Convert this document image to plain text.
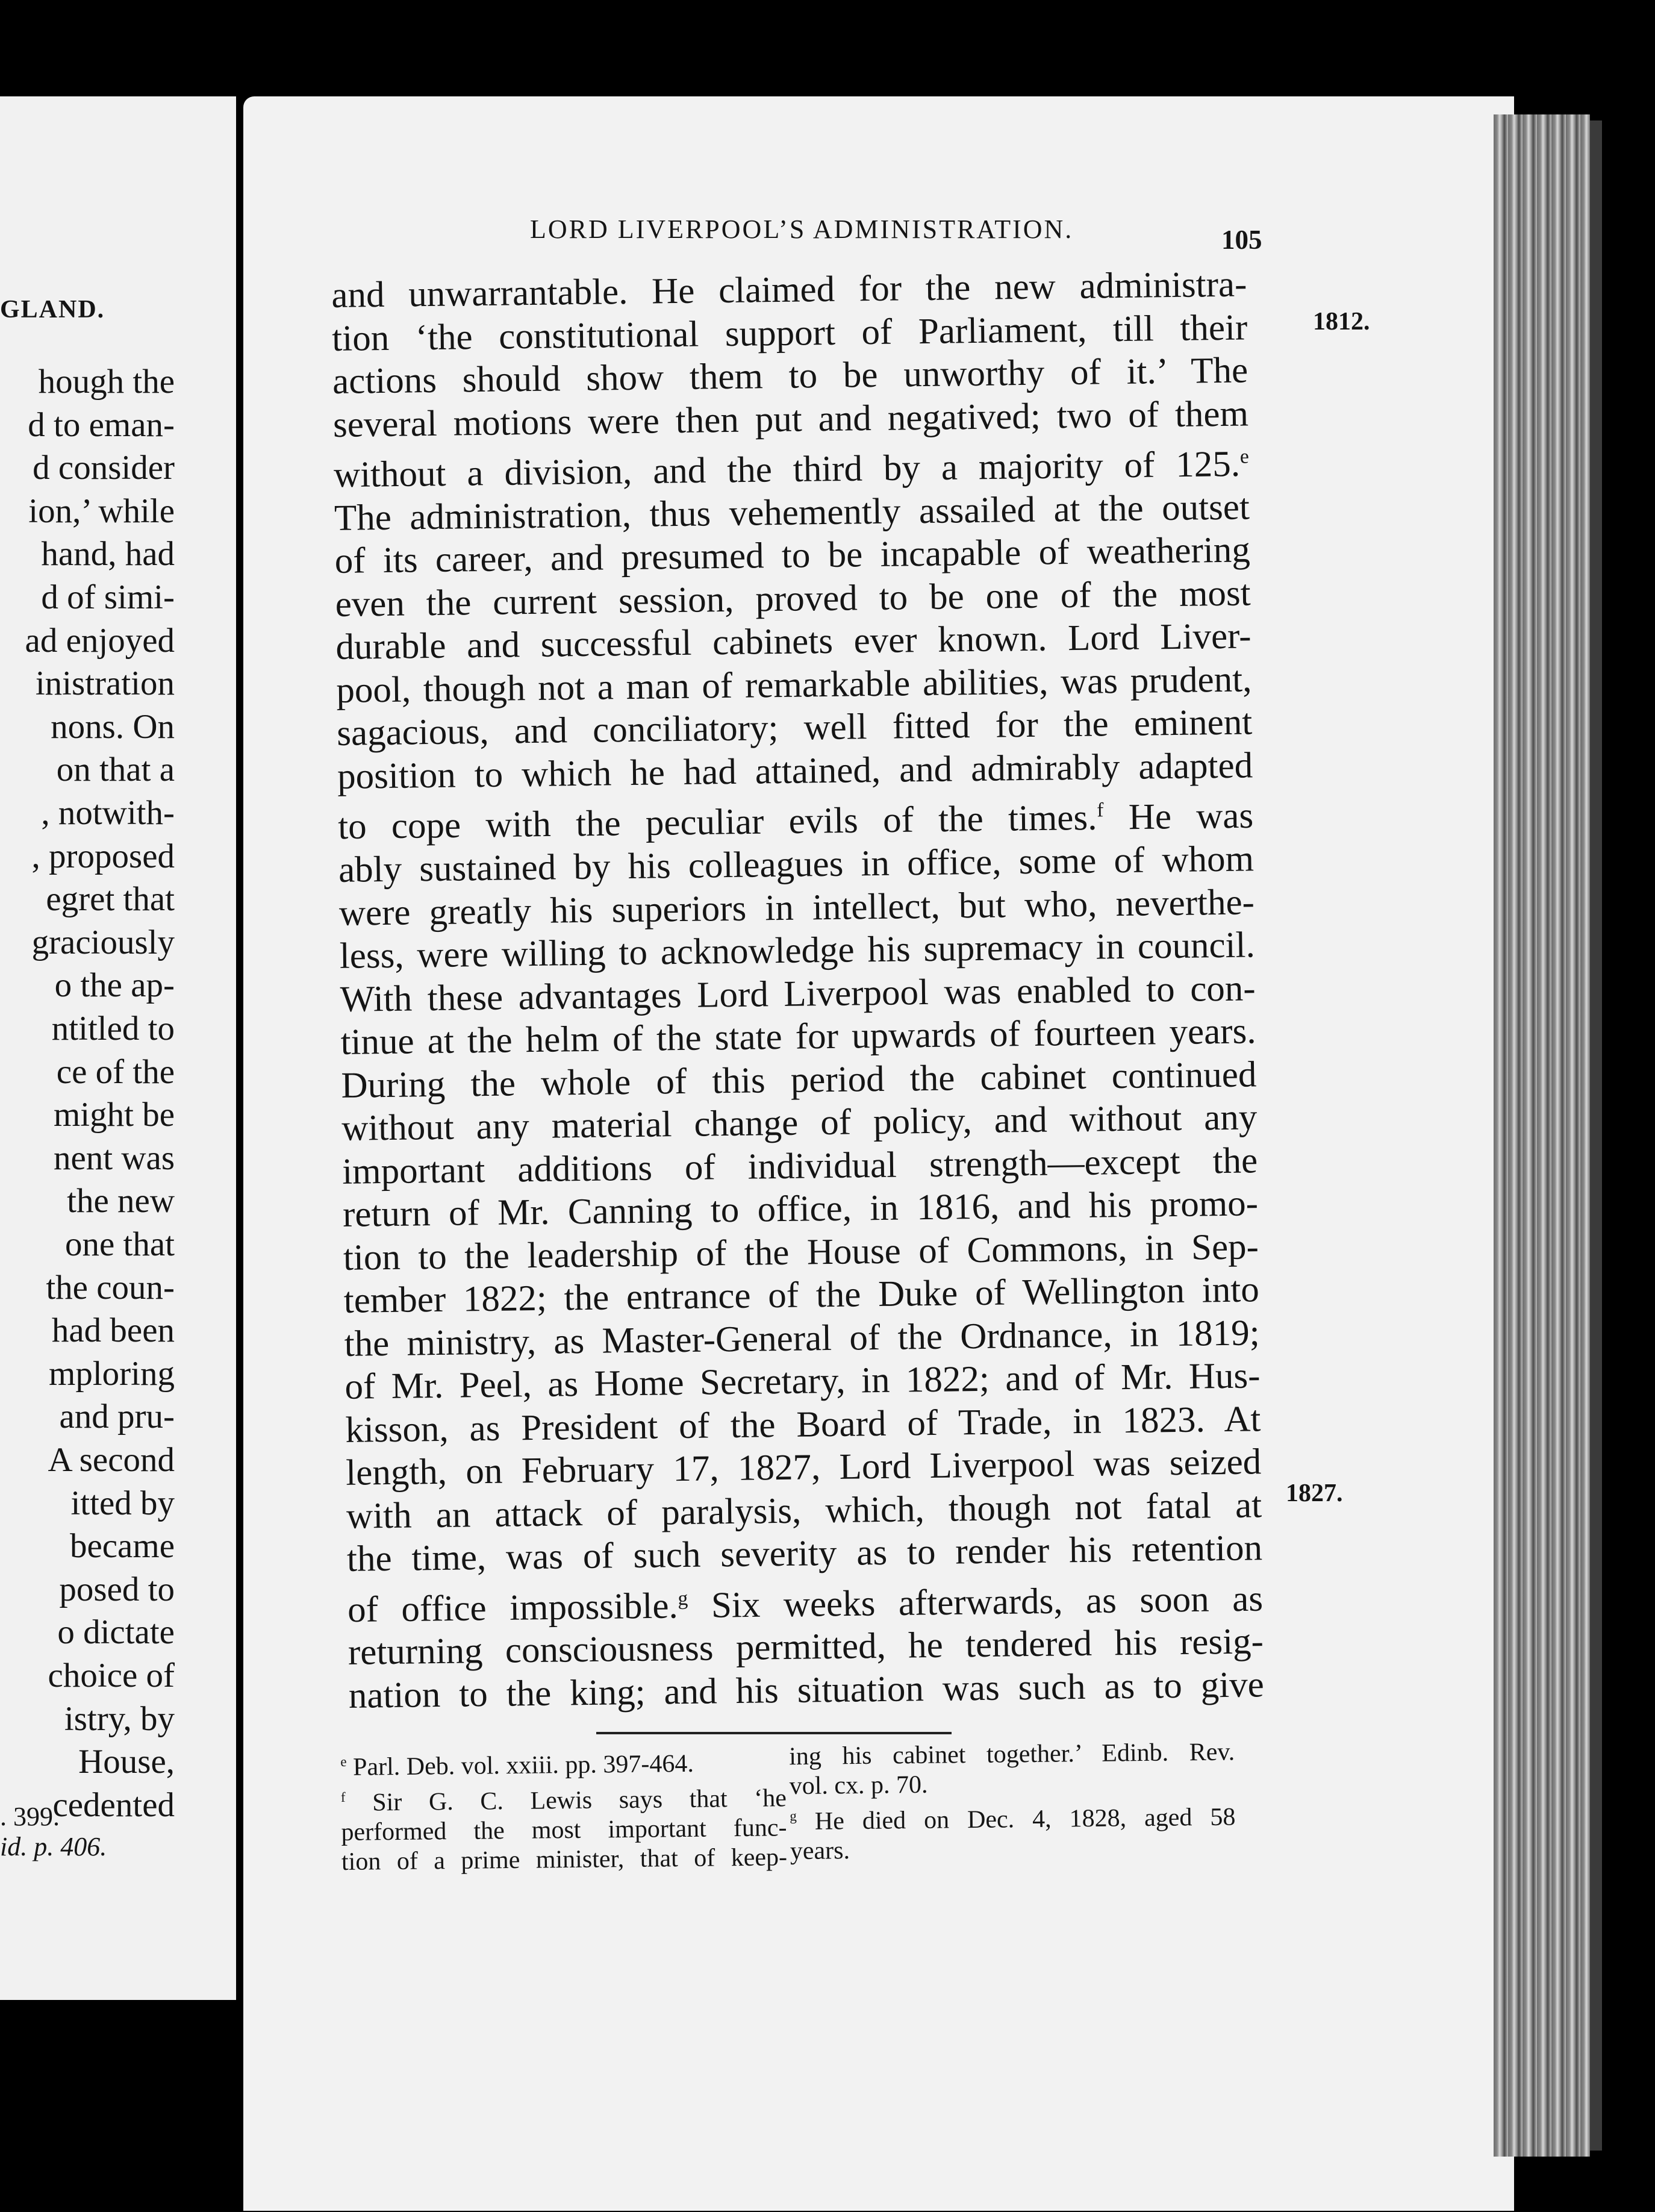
GLAND.
hough the
d to eman-
d consider
ion,’ while
hand, had
d of simi-
ad enjoyed
inistration
nons. On
on that a
, notwith-
, proposed
egret that
graciously
o the ap-
ntitled to
ce of the
might be
nent was
the new
one that
the coun-
had been
mploring
and pru-
A second
itted by
became
posed to
o dictate
choice of
istry, by
House,
cedented
. 399.
id. p. 406.
LORD LIVERPOOL’S ADMINISTRATION.	105
1812.
1827.
and unwarrantable. He claimed for the new administra-
tion ‘the constitutional support of Parliament, till their
actions should show them to be unworthy of it.’ The
several motions were then put and negatived; two of them
without a division, and the third by a majority of 125.$^e$
The administration, thus vehemently assailed at the outset
of its career, and presumed to be incapable of weathering
even the current session, proved to be one of the most
durable and successful cabinets ever known. Lord Liver-
pool, though not a man of remarkable abilities, was prudent,
sagacious, and conciliatory; well fitted for the eminent
position to which he had attained, and admirably adapted
to cope with the peculiar evils of the times.$^f$ He was
ably sustained by his colleagues in office, some of whom
were greatly his superiors in intellect, but who, neverthe-
less, were willing to acknowledge his supremacy in council.
With these advantages Lord Liverpool was enabled to con-
tinue at the helm of the state for upwards of fourteen years.
During the whole of this period the cabinet continued
without any material change of policy, and without any
important additions of individual strength—except the
return of Mr. Canning to office, in 1816, and his promo-
tion to the leadership of the House of Commons, in Sep-
tember 1822; the entrance of the Duke of Wellington into
the ministry, as Master-General of the Ordnance, in 1819;
of Mr. Peel, as Home Secretary, in 1822; and of Mr. Hus-
kisson, as President of the Board of Trade, in 1823. At
length, on February 17, 1827, Lord Liverpool was seized
with an attack of paralysis, which, though not fatal at
the time, was of such severity as to render his retention
of office impossible.$^g$ Six weeks afterwards, as soon as
returning consciousness permitted, he tendered his resig-
nation to the king; and his situation was such as to give
$^e$ Parl. Deb. vol. xxiii. pp. 397-464.
$^f$ Sir G. C. Lewis says that ‘he
performed the most important func-
tion of a prime minister, that of keep-
ing his cabinet together.’ Edinb. Rev.
vol. cx. p. 70.
$^g$ He died on Dec. 4, 1828, aged 58
years.
